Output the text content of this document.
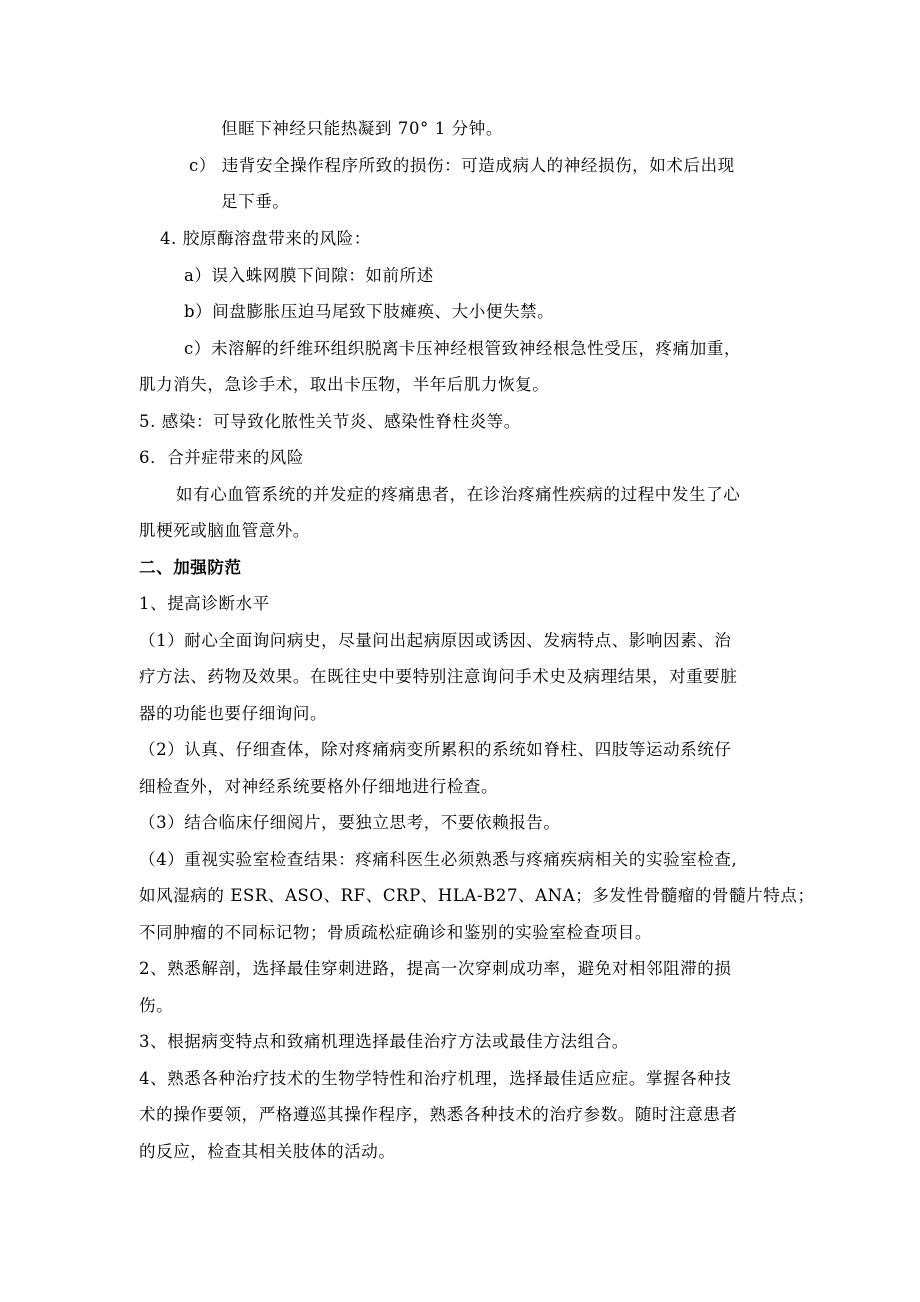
但眶下神经只能热凝到 70° 1 分钟。
c） 违背安全操作程序所致的损伤：可造成病人的神经损伤，如术后出现
足下垂。
4. 胶原酶溶盘带来的风险：
a）误入蛛网膜下间隙：如前所述
b）间盘膨胀压迫马尾致下肢瘫痪、大小便失禁。
c）未溶解的纤维环组织脱离卡压神经根管致神经根急性受压，疼痛加重，
肌力消失，急诊手术，取出卡压物，半年后肌力恢复。
5. 感染：可导致化脓性关节炎、感染性脊柱炎等。
6．合并症带来的风险
如有心血管系统的并发症的疼痛患者，在诊治疼痛性疾病的过程中发生了心
肌梗死或脑血管意外。
二、加强防范
1、提高诊断水平
（1）耐心全面询问病史，尽量问出起病原因或诱因、发病特点、影响因素、治
疗方法、药物及效果。在既往史中要特别注意询问手术史及病理结果，对重要脏
器的功能也要仔细询问。
（2）认真、仔细查体，除对疼痛病变所累积的系统如脊柱、四肢等运动系统仔
细检查外，对神经系统要格外仔细地进行检查。
（3）结合临床仔细阅片，要独立思考，不要依赖报告。
（4）重视实验室检查结果：疼痛科医生必须熟悉与疼痛疾病相关的实验室检查,
如风湿病的 ESR、ASO、RF、CRP、HLA-B27、ANA；多发性骨髓瘤的骨髓片特点；
不同肿瘤的不同标记物；骨质疏松症确诊和鉴别的实验室检查项目。
2、熟悉解剖，选择最佳穿刺进路，提高一次穿刺成功率，避免对相邻阻滞的损
伤。
3、根据病变特点和致痛机理选择最佳治疗方法或最佳方法组合。
4、熟悉各种治疗技术的生物学特性和治疗机理，选择最佳适应症。掌握各种技
术的操作要领，严格遵巡其操作程序，熟悉各种技术的治疗参数。随时注意患者
的反应，检查其相关肢体的活动。
